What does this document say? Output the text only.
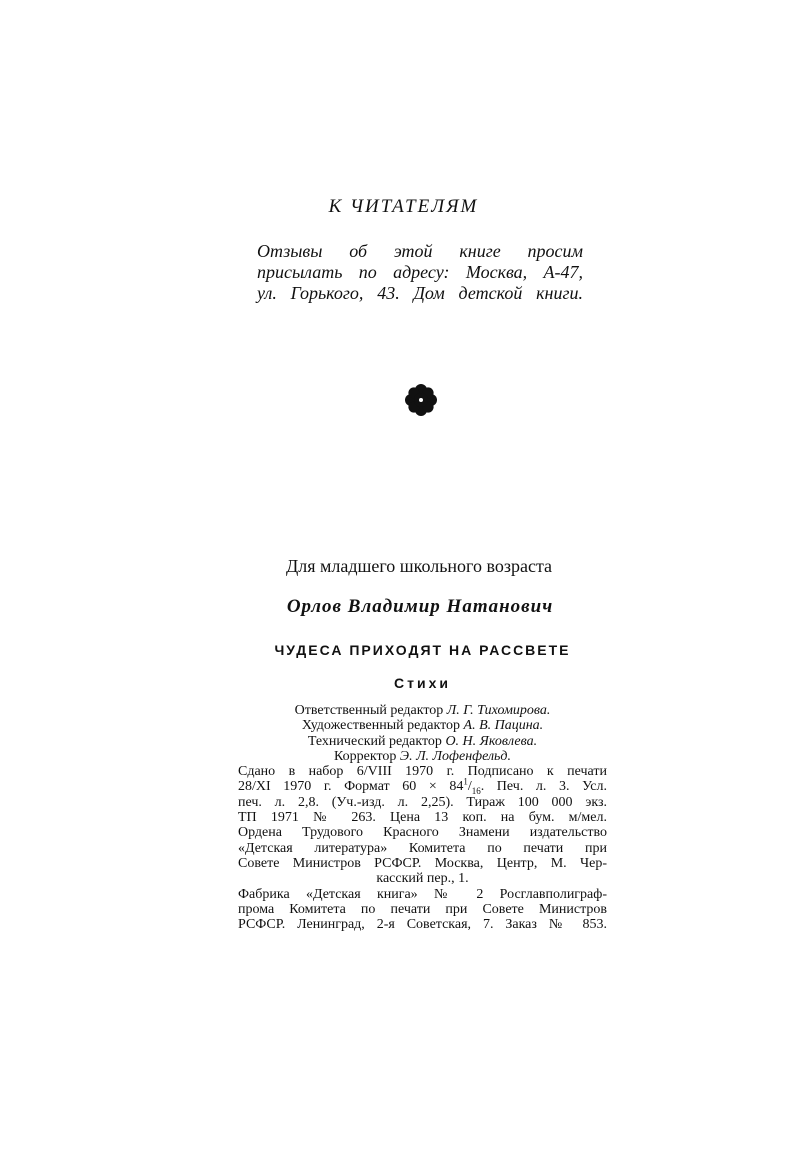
К ЧИТАТЕЛЯМ
Отзывы об этой книге просим
присылать по адресу: Москва, А-47,
ул. Горького, 43. Дом детской книги.
Для младшего школьного возраста
Орлов Владимир Натанович
ЧУДЕСА ПРИХОДЯТ НА РАССВЕТЕ
Стихи
Ответственный редактор Л. Г. Тихомирова.
Художественный редактор А. В. Пацина.
Технический редактор О. Н. Яковлева.
Корректор Э. Л. Лофенфельд.
Сдано в набор 6/VIII 1970 г. Подписано к печати
28/XI 1970 г. Формат $60 \times 84^1/_{16}$. Печ. л. 3. Усл.
печ. л. 2,8. (Уч.-изд. л. 2,25). Тираж 100 000 экз.
ТП 1971 № 263. Цена 13 коп. на бум. м/мел.
Ордена Трудового Красного Знамени издательство
«Детская литература» Комитета по печати при
Совете Министров РСФСР. Москва, Центр, М. Чер-
касский пер., 1.
Фабрика «Детская книга» № 2 Росглавполиграф-
прома Комитета по печати при Совете Министров
РСФСР. Ленинград, 2-я Советская, 7. Заказ № 853.
